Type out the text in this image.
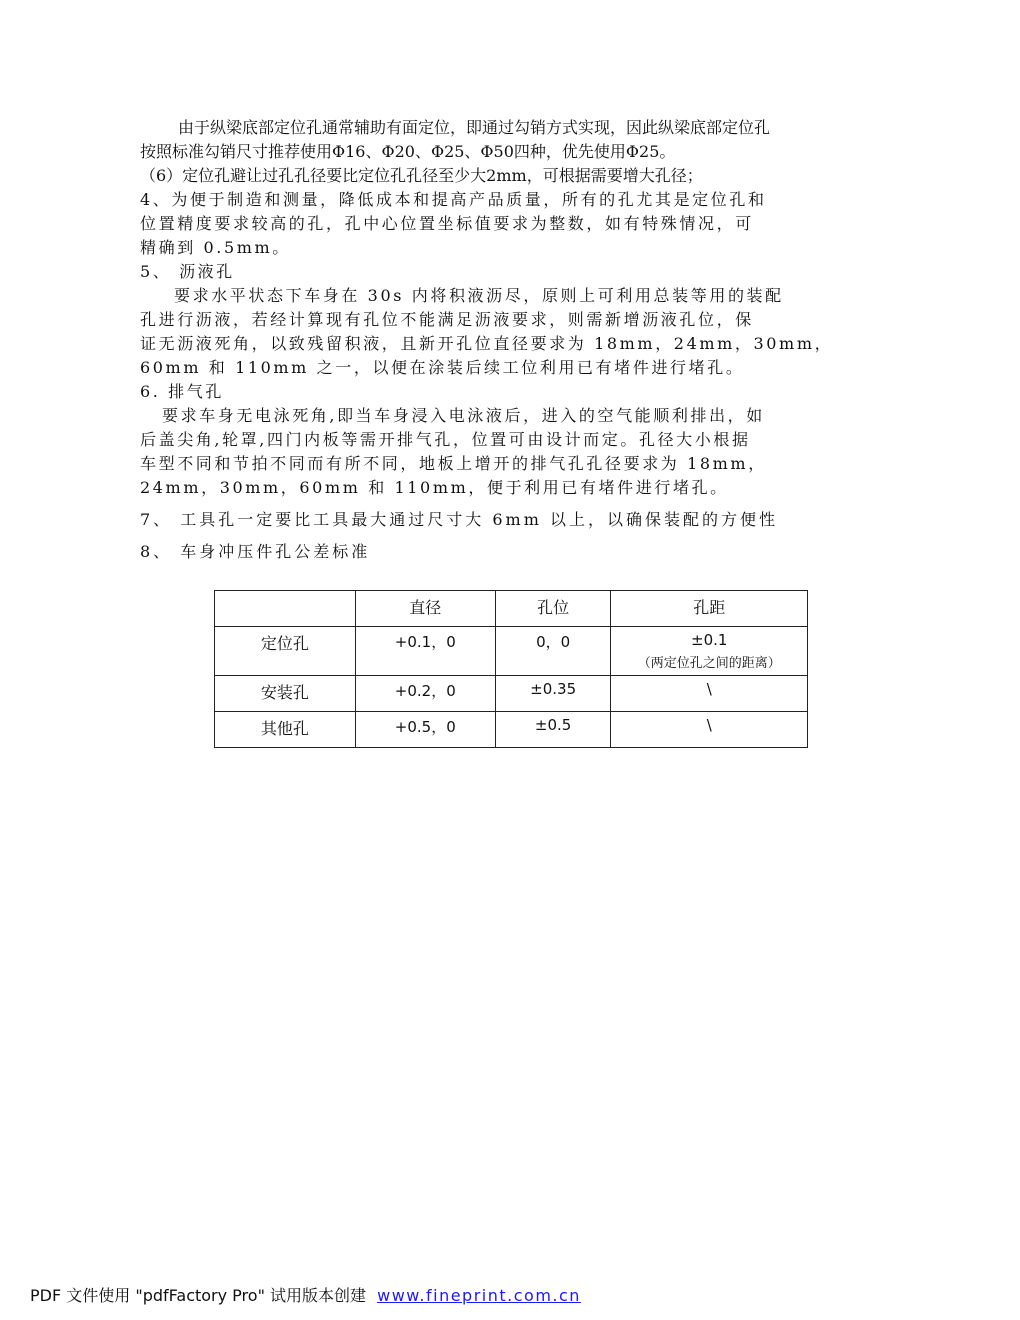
由于纵梁底部定位孔通常辅助有面定位，即通过勾销方式实现，因此纵梁底部定位孔

按照标准勾销尺寸推荐使用Φ16、Φ20、Φ25、Φ50四种，优先使用Φ25。

（6）定位孔避让过孔孔径要比定位孔孔径至少大2mm，可根据需要增大孔径；

4、为便于制造和测量，降低成本和提高产品质量，所有的孔尤其是定位孔和

位置精度要求较高的孔，孔中心位置坐标值要求为整数，如有特殊情况，可

精确到 0.5mm。

5、 沥液孔

要求水平状态下车身在 30s 内将积液沥尽，原则上可利用总装等用的装配

孔进行沥液，若经计算现有孔位不能满足沥液要求，则需新增沥液孔位，保

证无沥液死角，以致残留积液，且新开孔位直径要求为 18mm，24mm，30mm，

60mm 和 110mm 之一，以便在涂装后续工位利用已有堵件进行堵孔。

6. 排气孔

要求车身无电泳死角,即当车身浸入电泳液后，进入的空气能顺利排出，如

后盖尖角,轮罩,四门内板等需开排气孔，位置可由设计而定。孔径大小根据

车型不同和节拍不同而有所不同，地板上增开的排气孔孔径要求为 18mm，

24mm，30mm，60mm 和 110mm，便于利用已有堵件进行堵孔。

7、 工具孔一定要比工具最大通过尺寸大 6mm 以上，以确保装配的方便性

8、 车身冲压件孔公差标准

	直径	孔位	孔距
定位孔	+0.1，0	0，0	±0.1
（两定位孔之间的距离）

安装孔	+0.2，0	±0.35	\
其他孔	+0.5，0	±0.5	\
PDF 文件使用 "pdfFactory Pro" 试用版本创建 www.fineprint.com.cn
